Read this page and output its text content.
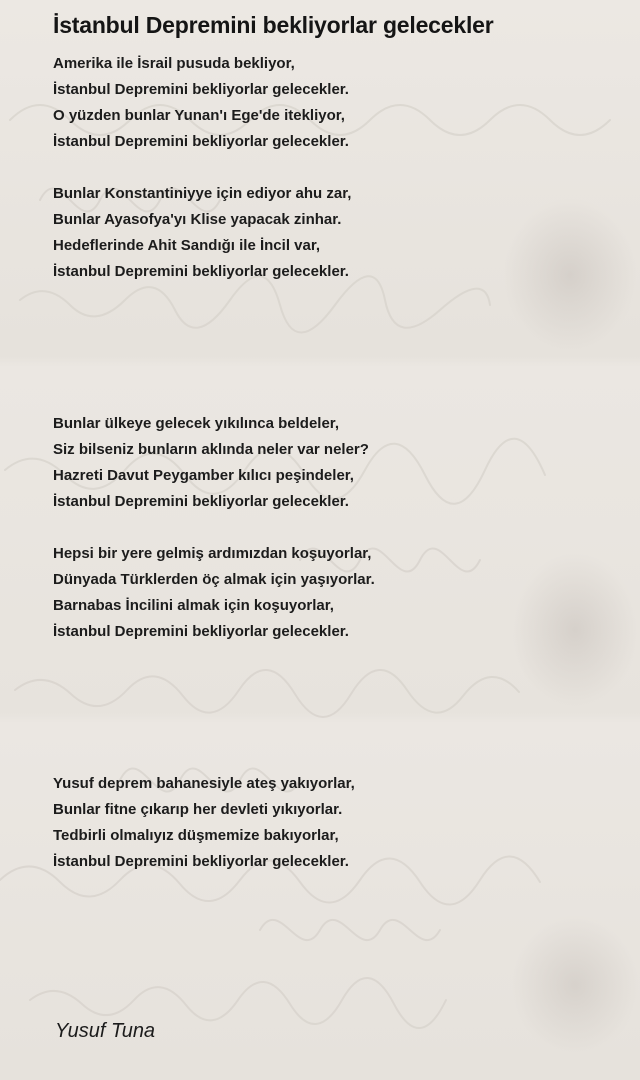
İstanbul Depremini bekliyorlar gelecekler
Amerika ile İsrail pusuda bekliyor,
İstanbul Depremini bekliyorlar gelecekler.
O yüzden bunlar Yunan'ı Ege'de itekliyor,
İstanbul Depremini bekliyorlar gelecekler.
Bunlar Konstantiniyye için ediyor ahu zar,
Bunlar Ayasofya'yı Klise yapacak zinhar.
Hedeflerinde Ahit Sandığı ile İncil var,
İstanbul Depremini bekliyorlar gelecekler.
Bunlar ülkeye gelecek yıkılınca beldeler,
Siz bilseniz bunların aklında neler var neler?
Hazreti Davut Peygamber kılıcı peşindeler,
İstanbul Depremini bekliyorlar gelecekler.
Hepsi bir yere gelmiş ardımızdan koşuyorlar,
Dünyada Türklerden öç almak için yaşıyorlar.
Barnabas İncilini almak için koşuyorlar,
İstanbul Depremini bekliyorlar gelecekler.
Yusuf deprem bahanesiyle ateş yakıyorlar,
Bunlar fitne çıkarıp her devleti yıkıyorlar.
Tedbirli olmalıyız düşmemize bakıyorlar,
İstanbul Depremini bekliyorlar gelecekler.
Yusuf Tuna
